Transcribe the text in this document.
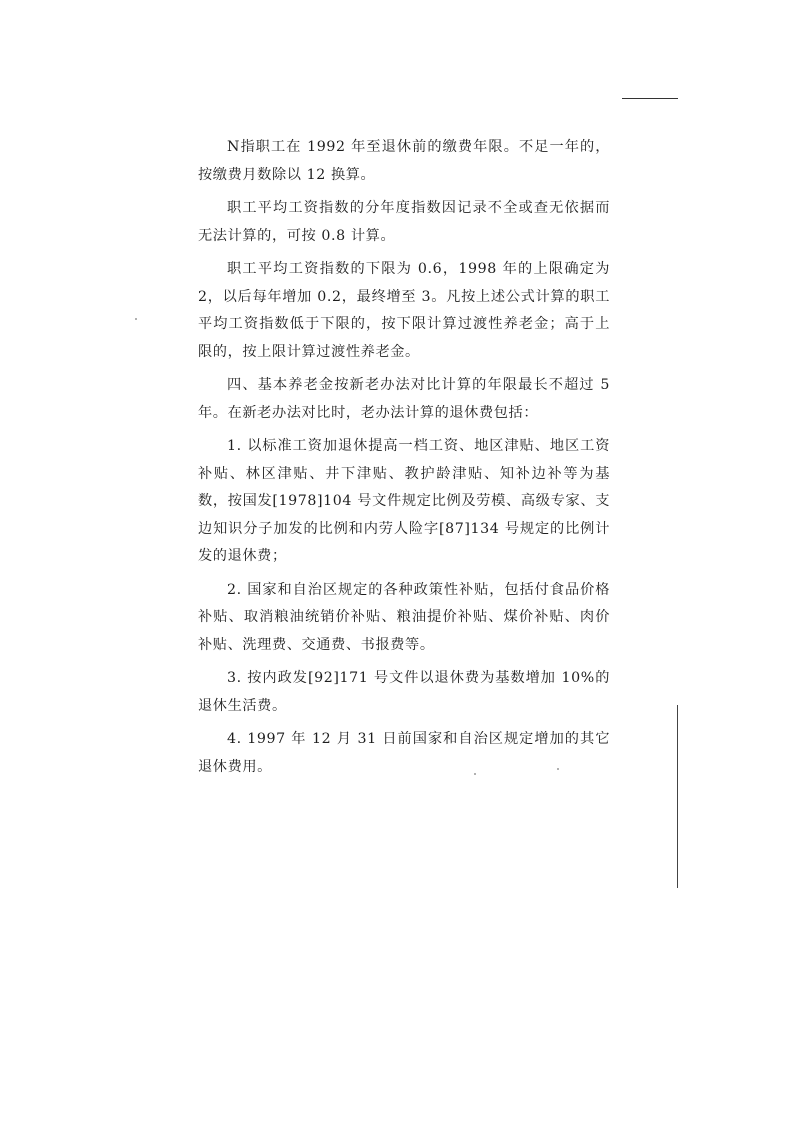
N指职工在 1992 年至退休前的缴费年限。不足一年的，按缴费月数除以 12 换算。

职工平均工资指数的分年度指数因记录不全或查无依据而无法计算的，可按 0.8 计算。

职工平均工资指数的下限为 0.6，1998 年的上限确定为 2，以后每年增加 0.2，最终增至 3。凡按上述公式计算的职工平均工资指数低于下限的，按下限计算过渡性养老金；高于上限的，按上限计算过渡性养老金。

四、基本养老金按新老办法对比计算的年限最长不超过 5 年。在新老办法对比时，老办法计算的退休费包括：

1. 以标准工资加退休提高一档工资、地区津贴、地区工资补贴、林区津贴、井下津贴、教护龄津贴、知补边补等为基数，按国发[1978]104 号文件规定比例及劳模、高级专家、支边知识分子加发的比例和内劳人险字[87]134 号规定的比例计发的退休费；

2. 国家和自治区规定的各种政策性补贴，包括付食品价格补贴、取消粮油统销价补贴、粮油提价补贴、煤价补贴、肉价补贴、洗理费、交通费、书报费等。

3. 按内政发[92]171 号文件以退休费为基数增加 10%的退休生活费。

4. 1997 年 12 月 31 日前国家和自治区规定增加的其它退休费用。
